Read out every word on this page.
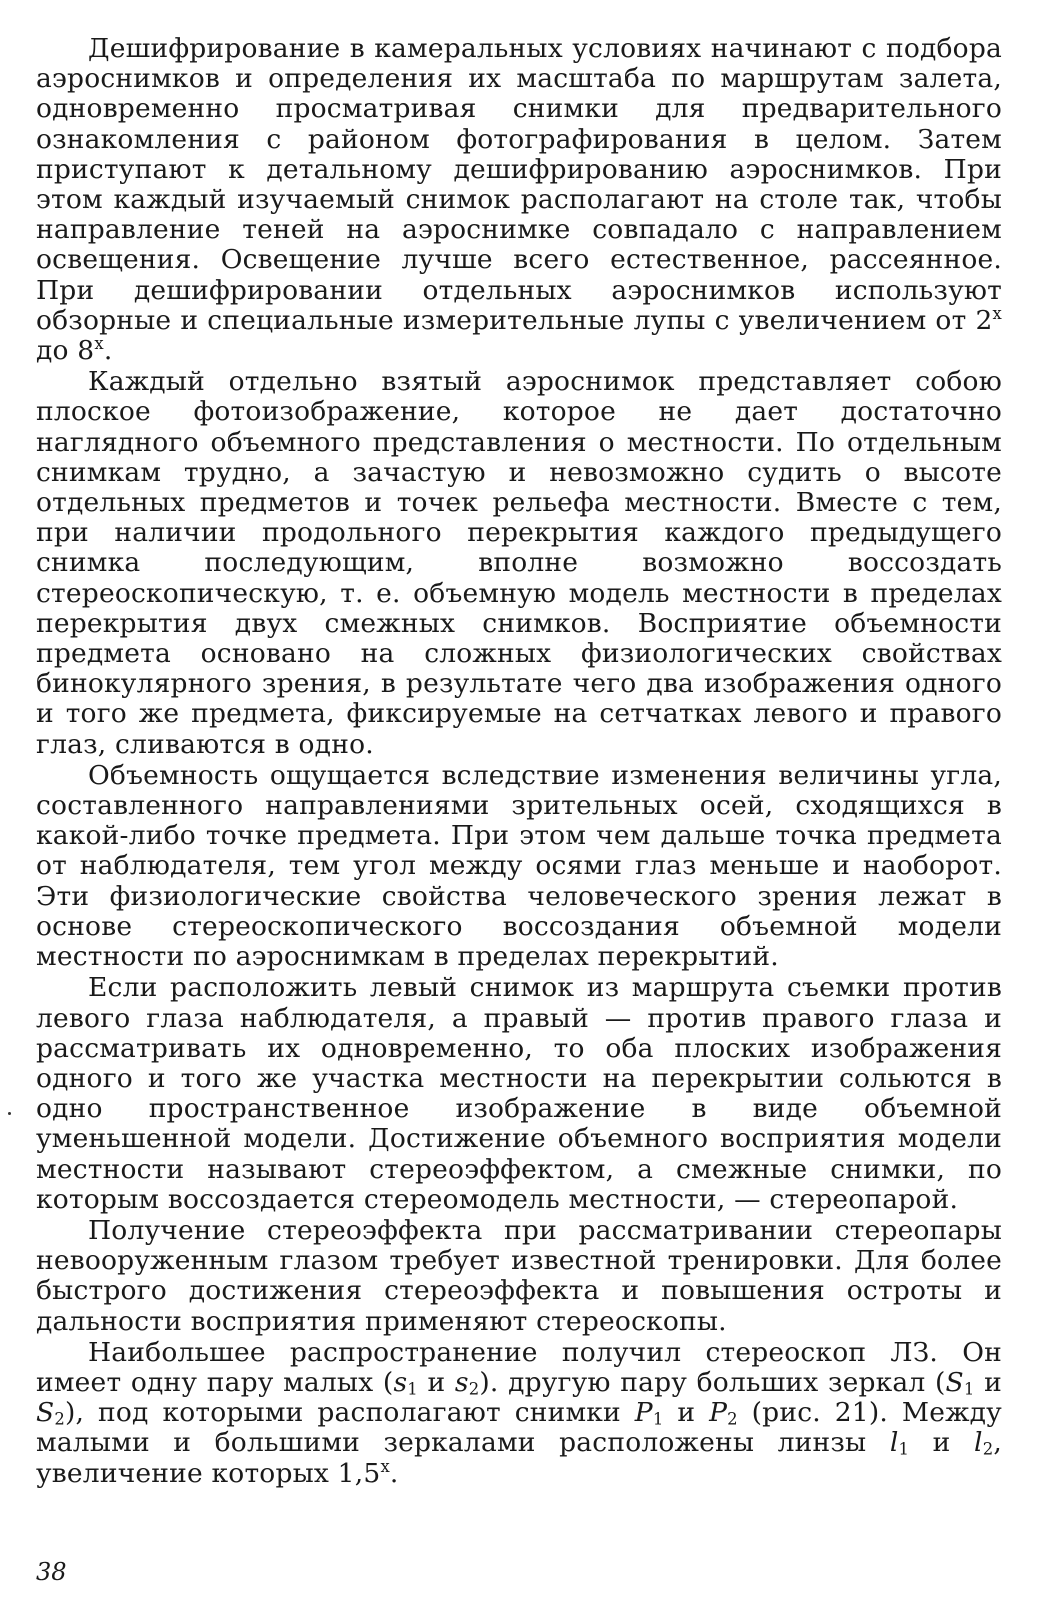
Дешифрирование в камеральных условиях начинают с подбора аэроснимков и определения их масштаба по маршрутам залета, одновременно просматривая снимки для предварительного ознакомления с районом фотографирования в целом. Затем приступают к детальному дешифрированию аэроснимков. При этом каждый изучаемый снимок располагают на столе так, чтобы направление теней на аэроснимке совпадало с направлением освещения. Освещение лучше всего естественное, рассеянное. При дешифрировании отдельных аэроснимков используют обзорные и специальные измерительные лупы с увеличением от 2$^x$ до 8$^x$.

Каждый отдельно взятый аэроснимок представляет собою плоское фотоизображение, которое не дает достаточно наглядного объемного представления о местности. По отдельным снимкам трудно, а зачастую и невозможно судить о высоте отдельных предметов и точек рельефа местности. Вместе с тем, при наличии продольного перекрытия каждого предыдущего снимка последующим, вполне возможно воссоздать стереоскопическую, т. е. объемную модель местности в пределах перекрытия двух смежных снимков. Восприятие объемности предмета основано на сложных физиологических свойствах бинокулярного зрения, в результате чего два изображения одного и того же предмета, фиксируемые на сетчатках левого и правого глаз, сливаются в одно.

Объемность ощущается вследствие изменения величины угла, составленного направлениями зрительных осей, сходящихся в какой-либо точке предмета. При этом чем дальше точка предмета от наблюдателя, тем угол между осями глаз меньше и наоборот. Эти физиологические свойства человеческого зрения лежат в основе стереоскопического воссоздания объемной модели местности по аэроснимкам в пределах перекрытий.

Если расположить левый снимок из маршрута съемки против левого глаза наблюдателя, а правый — против правого глаза и рассматривать их одновременно, то оба плоских изображения одного и того же участка местности на перекрытии сольются в одно пространственное изображение в виде объемной уменьшенной модели. Достижение объемного восприятия модели местности называют стереоэффектом, а смежные снимки, по которым воссоздается стереомодель местности, — стереопарой.

Получение стереоэффекта при рассматривании стереопары невооруженным глазом требует известной тренировки. Для более быстрого достижения стереоэффекта и повышения остроты и дальности восприятия применяют стереоскопы.

Наибольшее распространение получил стереоскоп ЛЗ. Он имеет одну пару малых ($s_1$ и $s_2$). другую пару больших зеркал ($S_1$ и $S_2$), под которыми располагают снимки $P_1$ и $P_2$ (рис. 21). Между малыми и большими зеркалами расположены линзы $l_1$ и $l_2$, увеличение которых 1,5$^x$.

38
